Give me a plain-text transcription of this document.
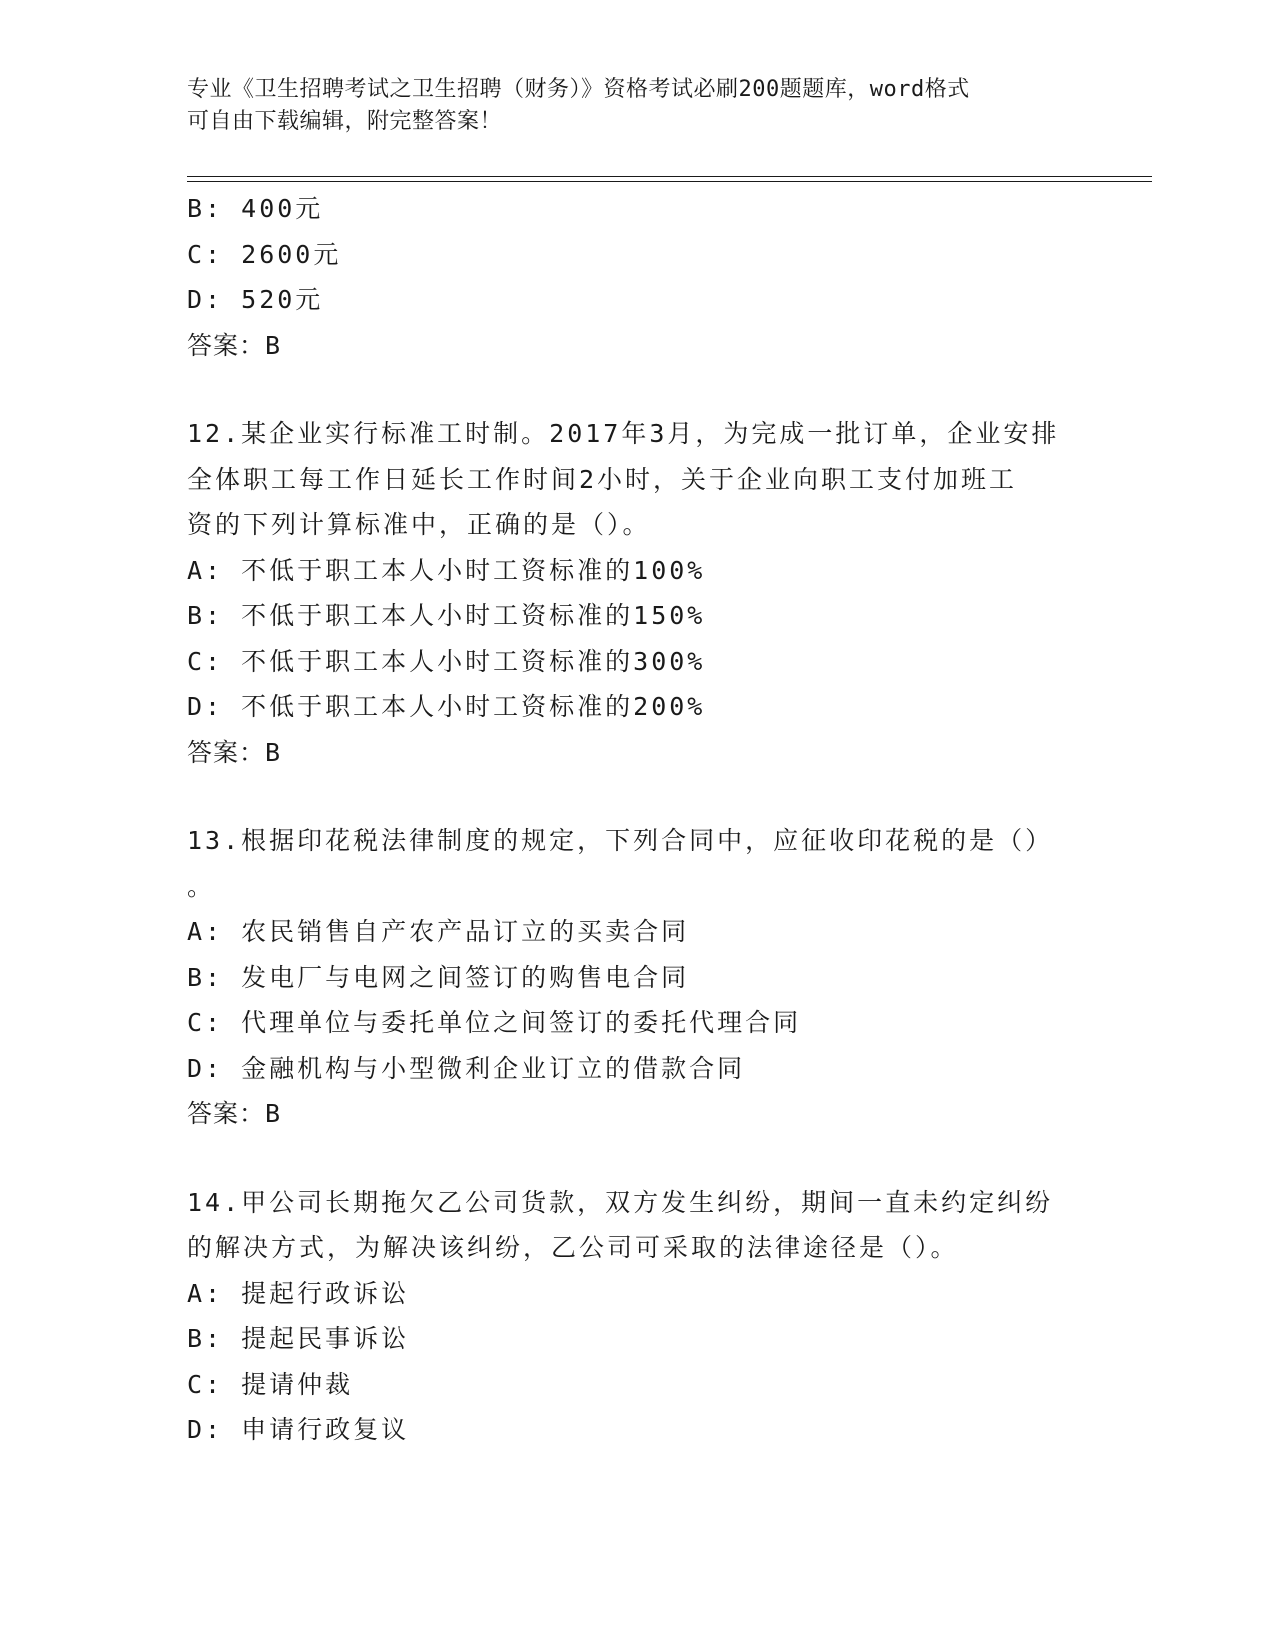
专业《卫生招聘考试之卫生招聘（财务）》资格考试必刷200题题库，word格式
可自由下载编辑，附完整答案！
B: 400元
C: 2600元
D: 520元
答案：B
12.某企业实行标准工时制。2017年3月，为完成一批订单，企业安排
全体职工每工作日延长工作时间2小时，关于企业向职工支付加班工
资的下列计算标准中，正确的是（）。
A: 不低于职工本人小时工资标准的100%
B: 不低于职工本人小时工资标准的150%
C: 不低于职工本人小时工资标准的300%
D: 不低于职工本人小时工资标准的200%
答案：B
13.根据印花税法律制度的规定，下列合同中，应征收印花税的是（）
。
A: 农民销售自产农产品订立的买卖合同
B: 发电厂与电网之间签订的购售电合同
C: 代理单位与委托单位之间签订的委托代理合同
D: 金融机构与小型微利企业订立的借款合同
答案：B
14.甲公司长期拖欠乙公司货款，双方发生纠纷，期间一直未约定纠纷
的解决方式，为解决该纠纷，乙公司可采取的法律途径是（）。
A: 提起行政诉讼
B: 提起民事诉讼
C: 提请仲裁
D: 申请行政复议
